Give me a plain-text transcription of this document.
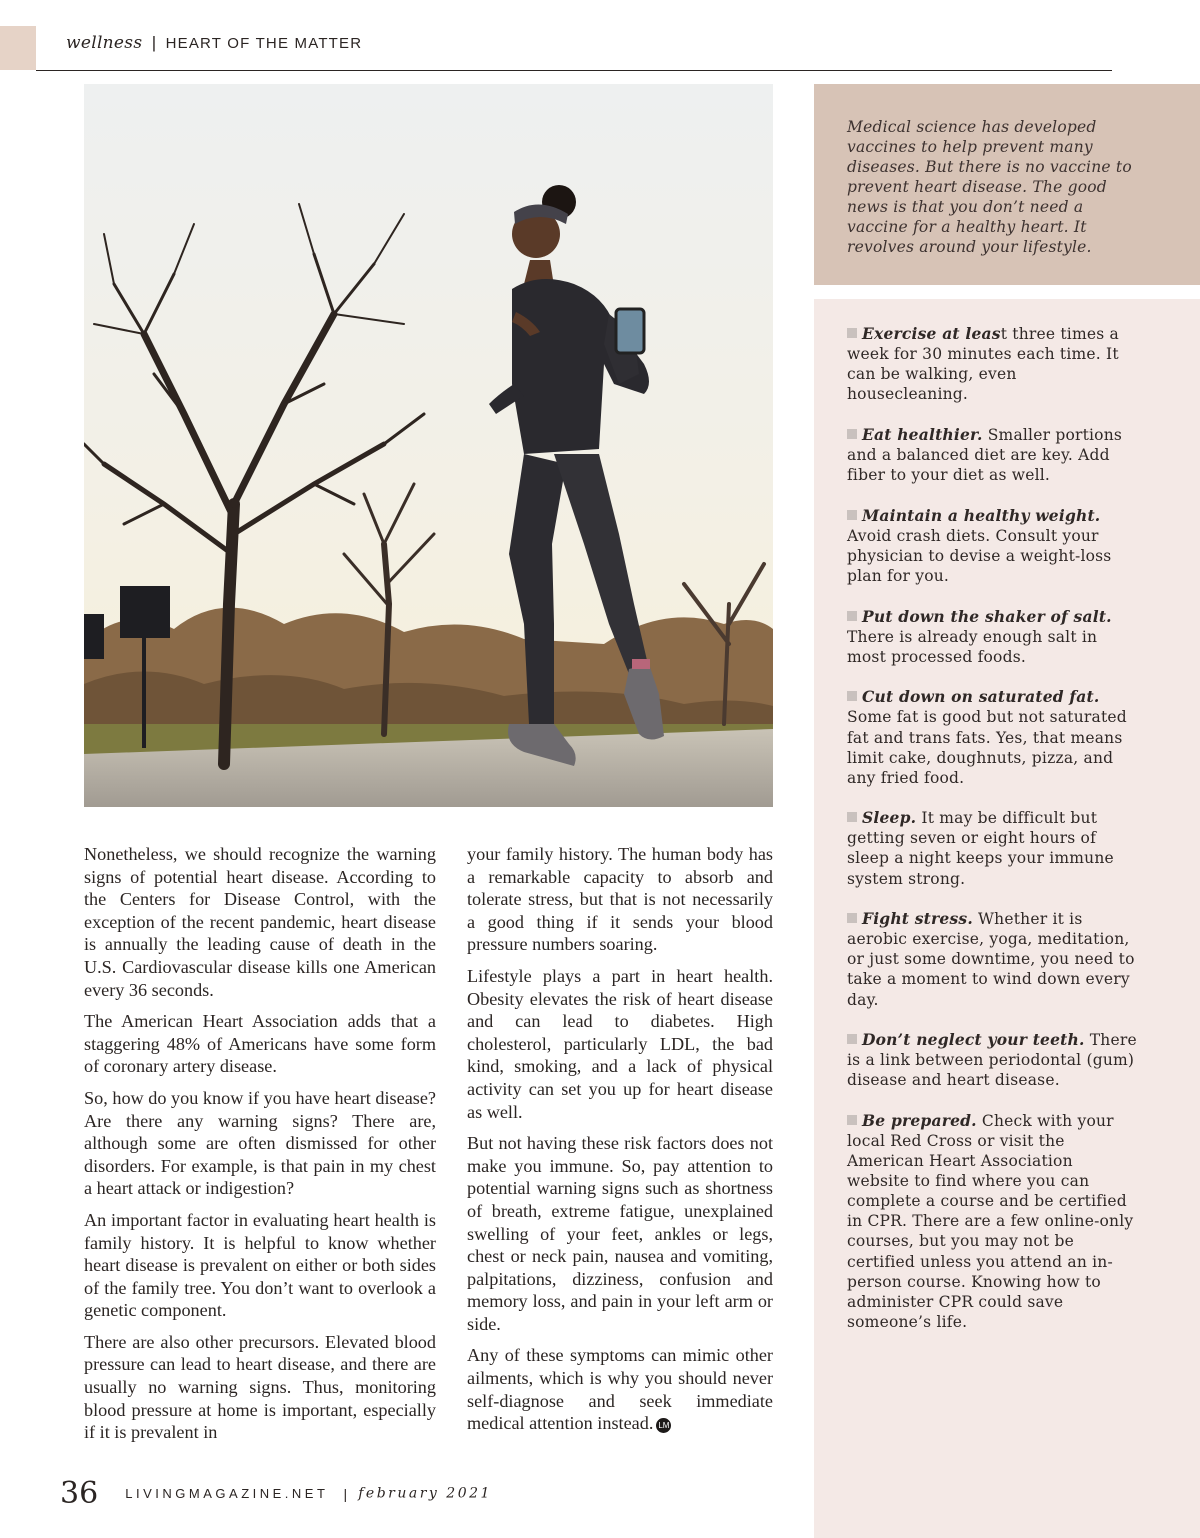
wellness | HEART OF THE MATTER
Medical science has developed vaccines to help prevent many diseases. But there is no vaccine to prevent heart disease. The good news is that you don’t need a vaccine for a healthy heart. It revolves around your lifestyle.
Exercise at least three times a week for 30 minutes each time. It can be walking, even housecleaning.
Eat healthier. Smaller portions and a balanced diet are key. Add fiber to your diet as well.
Maintain a healthy weight. Avoid crash diets. Consult your physician to devise a weight-loss plan for you.
Put down the shaker of salt. There is already enough salt in most processed foods.
Cut down on saturated fat. Some fat is good but not saturated fat and trans fats. Yes, that means limit cake, doughnuts, pizza, and any fried food.
Sleep. It may be difficult but getting seven or eight hours of sleep a night keeps your immune system strong.
Fight stress. Whether it is aerobic exercise, yoga, meditation, or just some downtime, you need to take a moment to wind down every day.
Don’t neglect your teeth. There is a link between periodontal (gum) disease and heart disease.
Be prepared. Check with your local Red Cross or visit the American Heart Association website to find where you can complete a course and be certified in CPR. There are a few online-only courses, but you may not be certified unless you attend an in-person course. Knowing how to administer CPR could save someone’s life.

Nonetheless, we should recognize the warning signs of potential heart disease. According to the Centers for Disease Control, with the exception of the recent pandemic, heart disease is annually the leading cause of death in the U.S. Cardiovascular disease kills one American every 36 seconds.

The American Heart Association adds that a staggering 48% of Americans have some form of coronary artery disease.

So, how do you know if you have heart disease? Are there any warning signs? There are, although some are often dismissed for other disorders. For example, is that pain in my chest a heart attack or indigestion?

An important factor in evaluating heart health is family history. It is helpful to know whether heart disease is prevalent on either or both sides of the family tree. You don’t want to overlook a genetic component.

There are also other precursors. Elevated blood pressure can lead to heart disease, and there are usually no warning signs. Thus, monitoring blood pressure at home is important, especially if it is prevalent in

your family history. The human body has a remarkable capacity to absorb and tolerate stress, but that is not necessarily a good thing if it sends your blood pressure numbers soaring.

Lifestyle plays a part in heart health. Obesity elevates the risk of heart disease and can lead to diabetes. High cholesterol, particularly LDL, the bad kind, smoking, and a lack of physical activity can set you up for heart disease as well.

But not having these risk factors does not make you immune. So, pay attention to potential warning signs such as shortness of breath, extreme fatigue, unexplained swelling of your feet, ankles or legs, chest or neck pain, nausea and vomiting, palpitations, dizziness, confusion and memory loss, and pain in your left arm or side.

Any of these symptoms can mimic other ailments, which is why you should never self-diagnose and seek immediate medical attention instead. LM

36 LIVINGMAGAZINE.NET | february 2021
